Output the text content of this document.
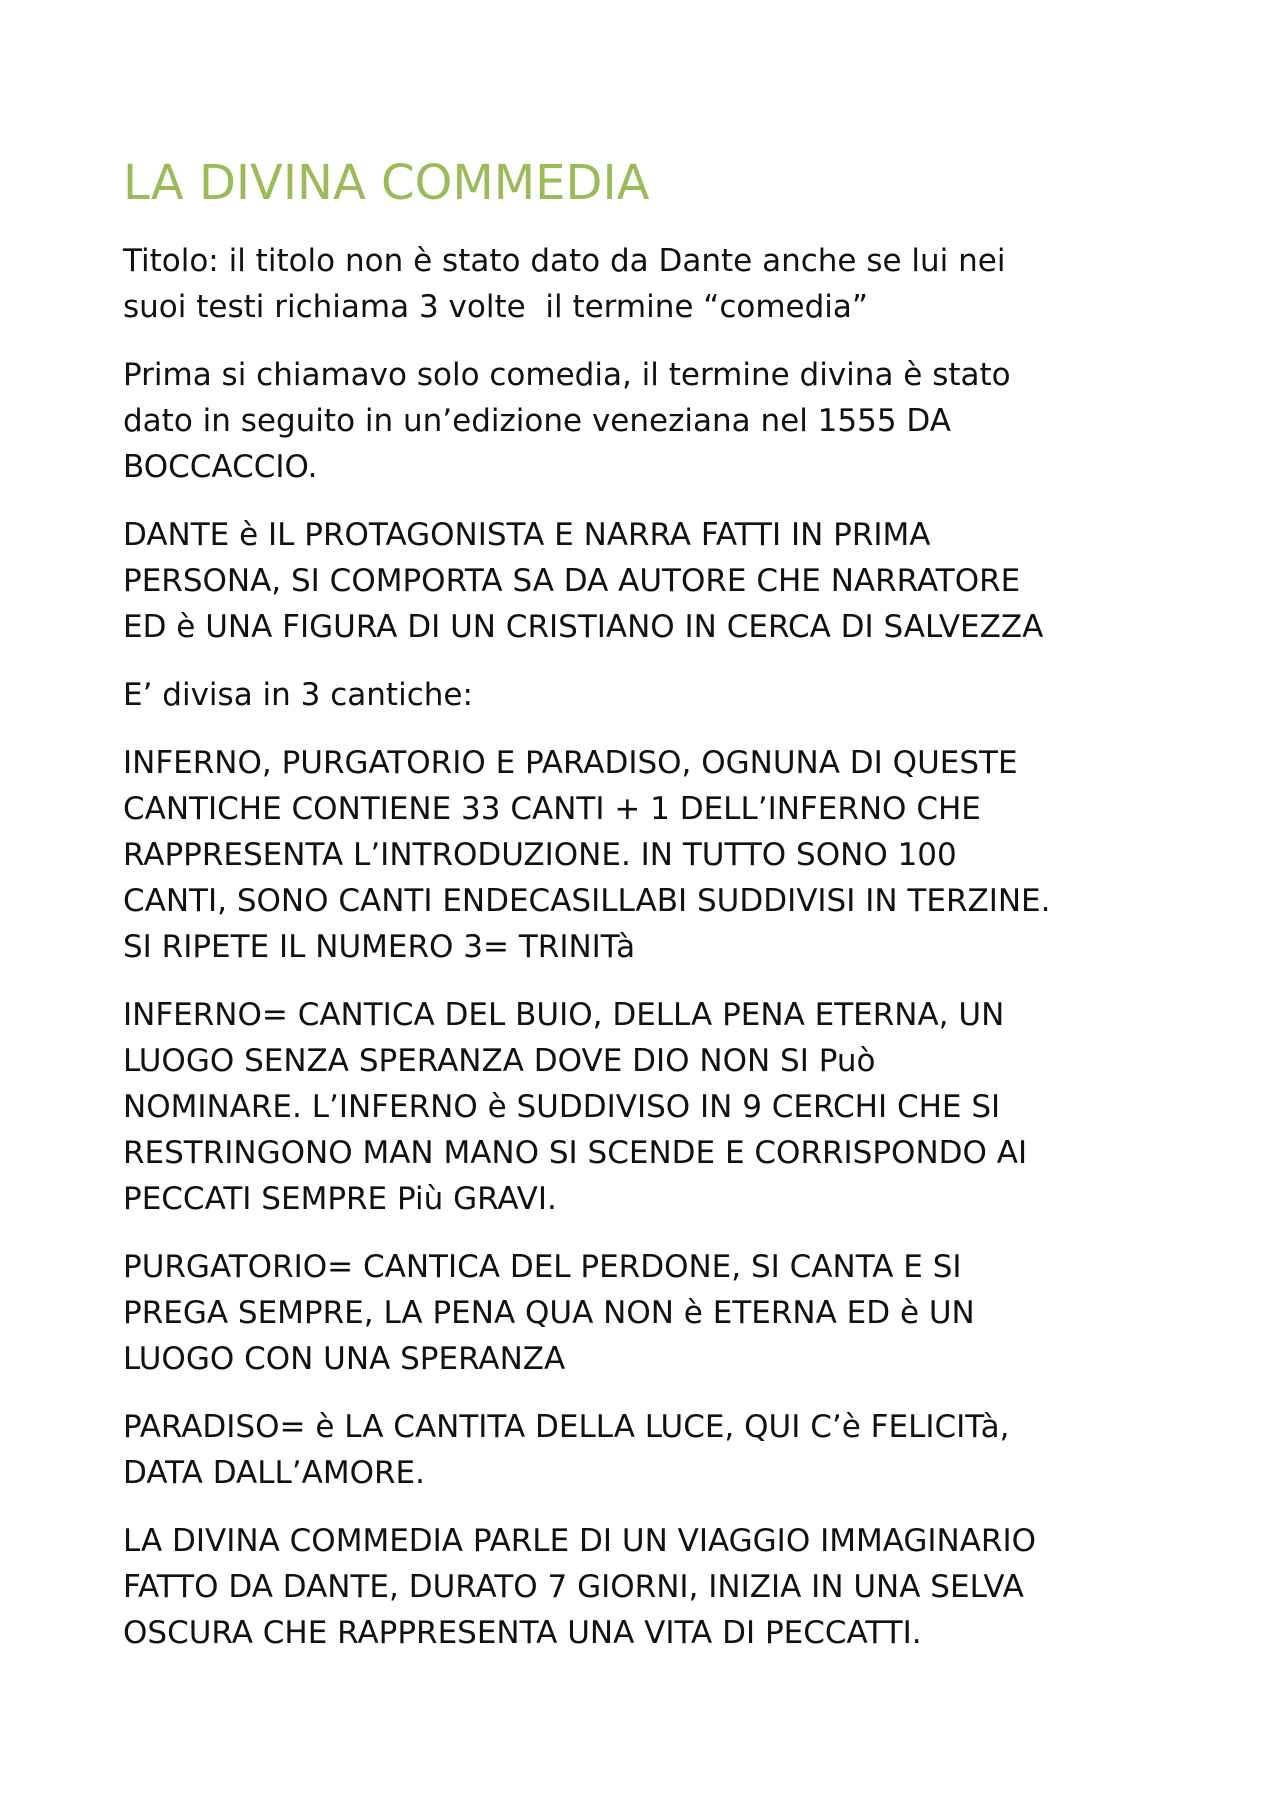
LA DIVINA COMMEDIA

Titolo: il titolo non è stato dato da Dante anche se lui nei
suoi testi richiama 3 volte  il termine “comedia”

Prima si chiamavo solo comedia, il termine divina è stato
dato in seguito in un’edizione veneziana nel 1555 DA
BOCCACCIO.

DANTE è IL PROTAGONISTA E NARRA FATTI IN PRIMA
PERSONA, SI COMPORTA SA DA AUTORE CHE NARRATORE
ED è UNA FIGURA DI UN CRISTIANO IN CERCA DI SALVEZZA

E’ divisa in 3 cantiche:

INFERNO, PURGATORIO E PARADISO, OGNUNA DI QUESTE
CANTICHE CONTIENE 33 CANTI + 1 DELL’INFERNO CHE
RAPPRESENTA L’INTRODUZIONE. IN TUTTO SONO 100
CANTI, SONO CANTI ENDECASILLABI SUDDIVISI IN TERZINE.
SI RIPETE IL NUMERO 3= TRINITà

INFERNO= CANTICA DEL BUIO, DELLA PENA ETERNA, UN
LUOGO SENZA SPERANZA DOVE DIO NON SI Può
NOMINARE. L’INFERNO è SUDDIVISO IN 9 CERCHI CHE SI
RESTRINGONO MAN MANO SI SCENDE E CORRISPONDO AI
PECCATI SEMPRE Più GRAVI.

PURGATORIO= CANTICA DEL PERDONE, SI CANTA E SI
PREGA SEMPRE, LA PENA QUA NON è ETERNA ED è UN
LUOGO CON UNA SPERANZA

PARADISO= è LA CANTITA DELLA LUCE, QUI C’è FELICITà,
DATA DALL’AMORE.

LA DIVINA COMMEDIA PARLE DI UN VIAGGIO IMMAGINARIO
FATTO DA DANTE, DURATO 7 GIORNI, INIZIA IN UNA SELVA
OSCURA CHE RAPPRESENTA UNA VITA DI PECCATTI.
